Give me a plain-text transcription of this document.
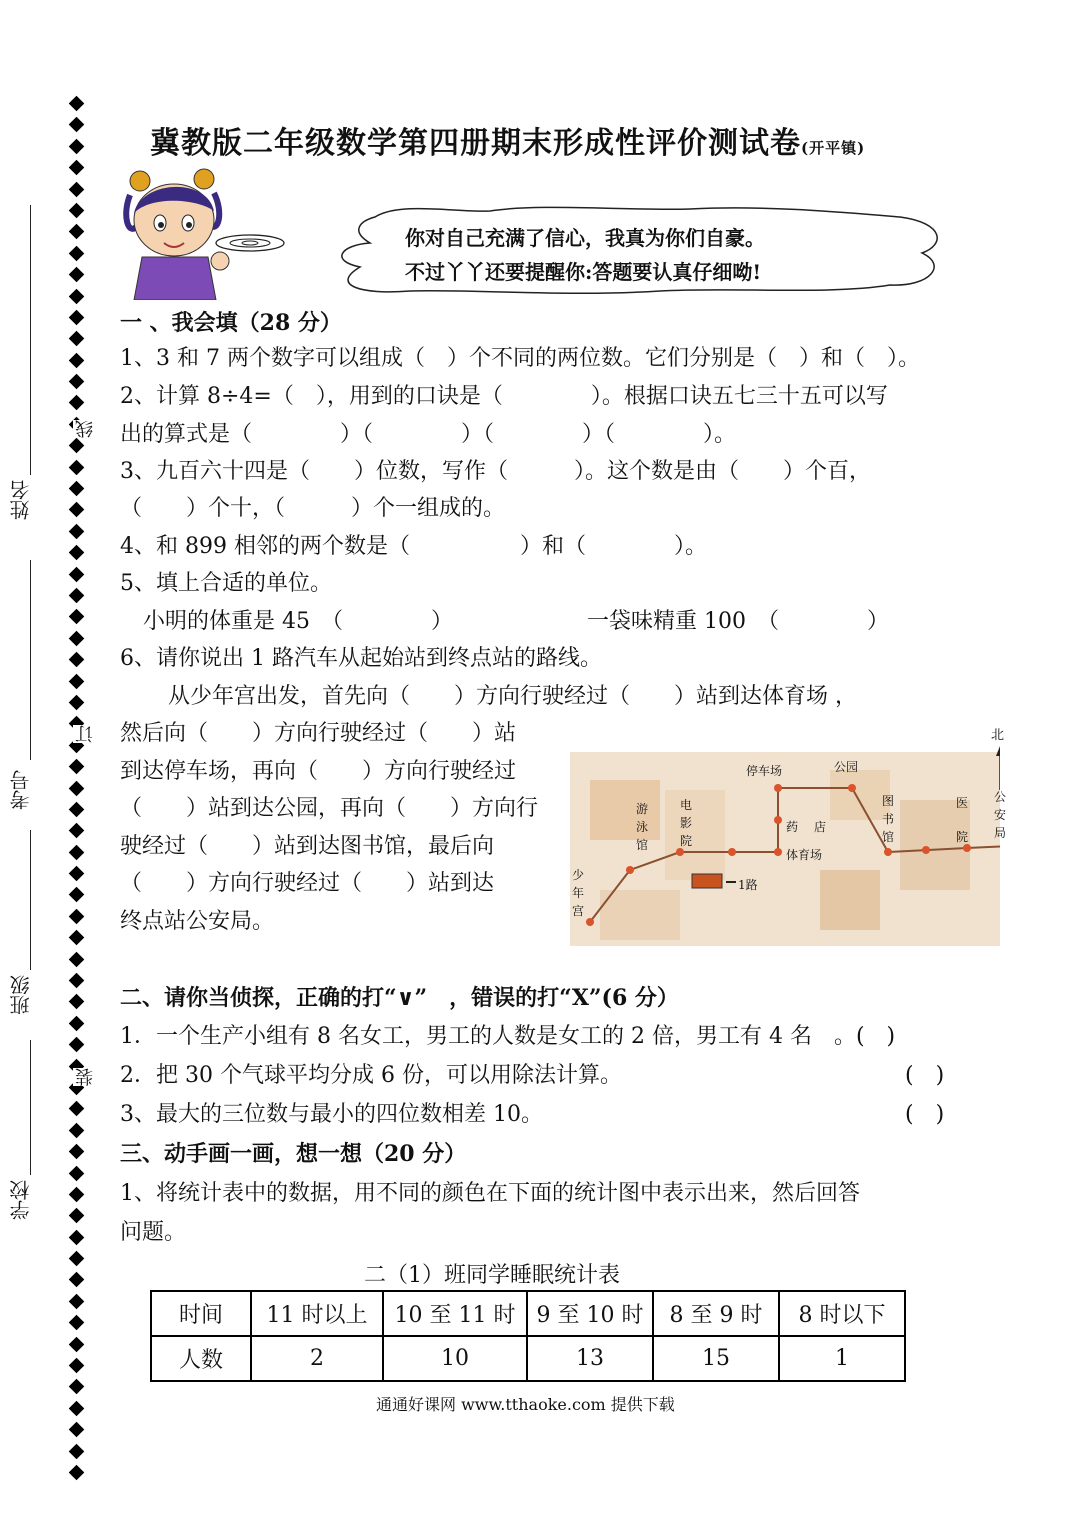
线
订
装
姓名
考号
班级
学校
冀教版二年级数学第四册期末形成性评价测试卷(开平镇)
你对自己充满了信心，我真为你们自豪。
不过丫丫还要提醒你:答题要认真仔细呦!
一 、我会填（28 分）
1、3 和 7 两个数字可以组成（　）个不同的两位数。它们分别是（　）和（　）。
2、计算 8÷4=（　），用到的口诀是（　　　　）。根据口诀五七三十五可以写
出的算式是（　　　　）（　　　　）（　　　　）（　　　　）。
3、九百六十四是（　　）位数，写作（　　　）。这个数是由（　　）个百，
（　　）个十，（　　　）个一组成的。
4、和 899 相邻的两个数是（　　　　　）和（　　　　）。
5、填上合适的单位。
小明的体重是 45　（　　　　）	一袋味精重 100　（　　　　）
6、请你说出 1 路汽车从起始站到终点站的路线。
从少年宫出发，首先向（　　）方向行驶经过（　　）站到达体育场 ，
然后向（　　）方向行驶经过（　　）站
到达停车场，再向（　　）方向行驶经过
（　　）站到达公园，再向（　　）方向行
驶经过（　　）站到达图书馆，最后向
（　　）方向行驶经过（　　）站到达
终点站公安局。
北
停车场	公园
图书馆
医院
公安局
游泳馆
电影院
药店
体育场
少年宫
1路
二、请你当侦探，正确的打“∨”　，错误的打“X”(6 分）
1．一个生产小组有 8 名女工，男工的人数是女工的 2 倍，男工有 4 名　。(　)
2．把 30 个气球平均分成 6 份，可以用除法计算。	(　)
3、最大的三位数与最小的四位数相差 10。	(　)
三、动手画一画，想一想（20 分）
1、将统计表中的数据，用不同的颜色在下面的统计图中表示出来，然后回答
问题。
二（1）班同学睡眠统计表
时间	11 时以上	10 至 11 时	9 至 10 时	8 至 9 时	8 时以下
人数	2	10	13	15	1
通通好课网 www.tthaoke.com 提供下载
